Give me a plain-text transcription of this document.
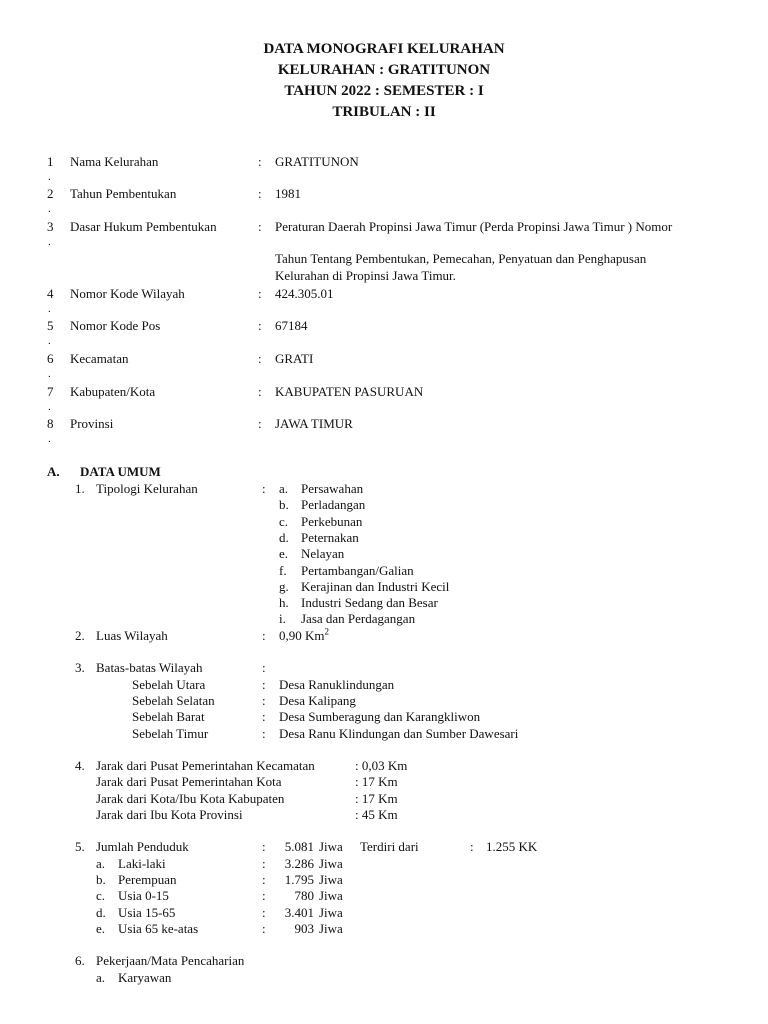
DATA MONOGRAFI KELURAHAN
KELURAHAN : GRATITUNON
TAHUN 2022 : SEMESTER : I
TRIBULAN : II
1
.
Nama Kelurahan	: GRATITUNON
2
.
Tahun Pembentukan	: 1981
3
.
Dasar Hukum Pembentukan	: Peraturan Daerah Propinsi Jawa Timur (Perda Propinsi Jawa Timur ) Nomor
Tahun Tentang Pembentukan, Pemecahan, Penyatuan dan Penghapusan
Kelurahan di Propinsi Jawa Timur.
4
.
Nomor Kode Wilayah	: 424.305.01
5
.
Nomor Kode Pos	: 67184
6
.
Kecamatan	: GRATI
7
.
Kabupaten/Kota	: KABUPATEN PASURUAN
8
.
Provinsi	: JAWA TIMUR
A. DATA UMUM
1. Tipologi Kelurahan	: a. Persawahan
b. Perladangan
c. Perkebunan
d. Peternakan
e. Nelayan
f. Pertambangan/Galian
g. Kerajinan dan Industri Kecil
h. Industri Sedang dan Besar
i. Jasa dan Perdagangan
2. Luas Wilayah	: 0,90 Km$^2$
3. Batas-batas Wilayah	:
Sebelah Utara	: Desa Ranuklindungan
Sebelah Selatan	: Desa Kalipang
Sebelah Barat	: Desa Sumberagung dan Karangkliwon
Sebelah Timur	: Desa Ranu Klindungan dan Sumber Dawesari
4. Jarak dari Pusat Pemerintahan Kecamatan	: 0,03 Km
Jarak dari Pusat Pemerintahan Kota	: 17 Km
Jarak dari Kota/Ibu Kota Kabupaten	: 17 Km
Jarak dari Ibu Kota Provinsi	: 45 Km
5. Jumlah Penduduk	:	5.081 Jiwa Terdiri dari	: 1.255 KK
a. Laki-laki	:	3.286 Jiwa
b. Perempuan	:	1.795 Jiwa
c. Usia 0-15	:	780 Jiwa
d. Usia 15-65	:	3.401 Jiwa
e. Usia 65 ke-atas	:	903 Jiwa
6. Pekerjaan/Mata Pencaharian
a. Karyawan
